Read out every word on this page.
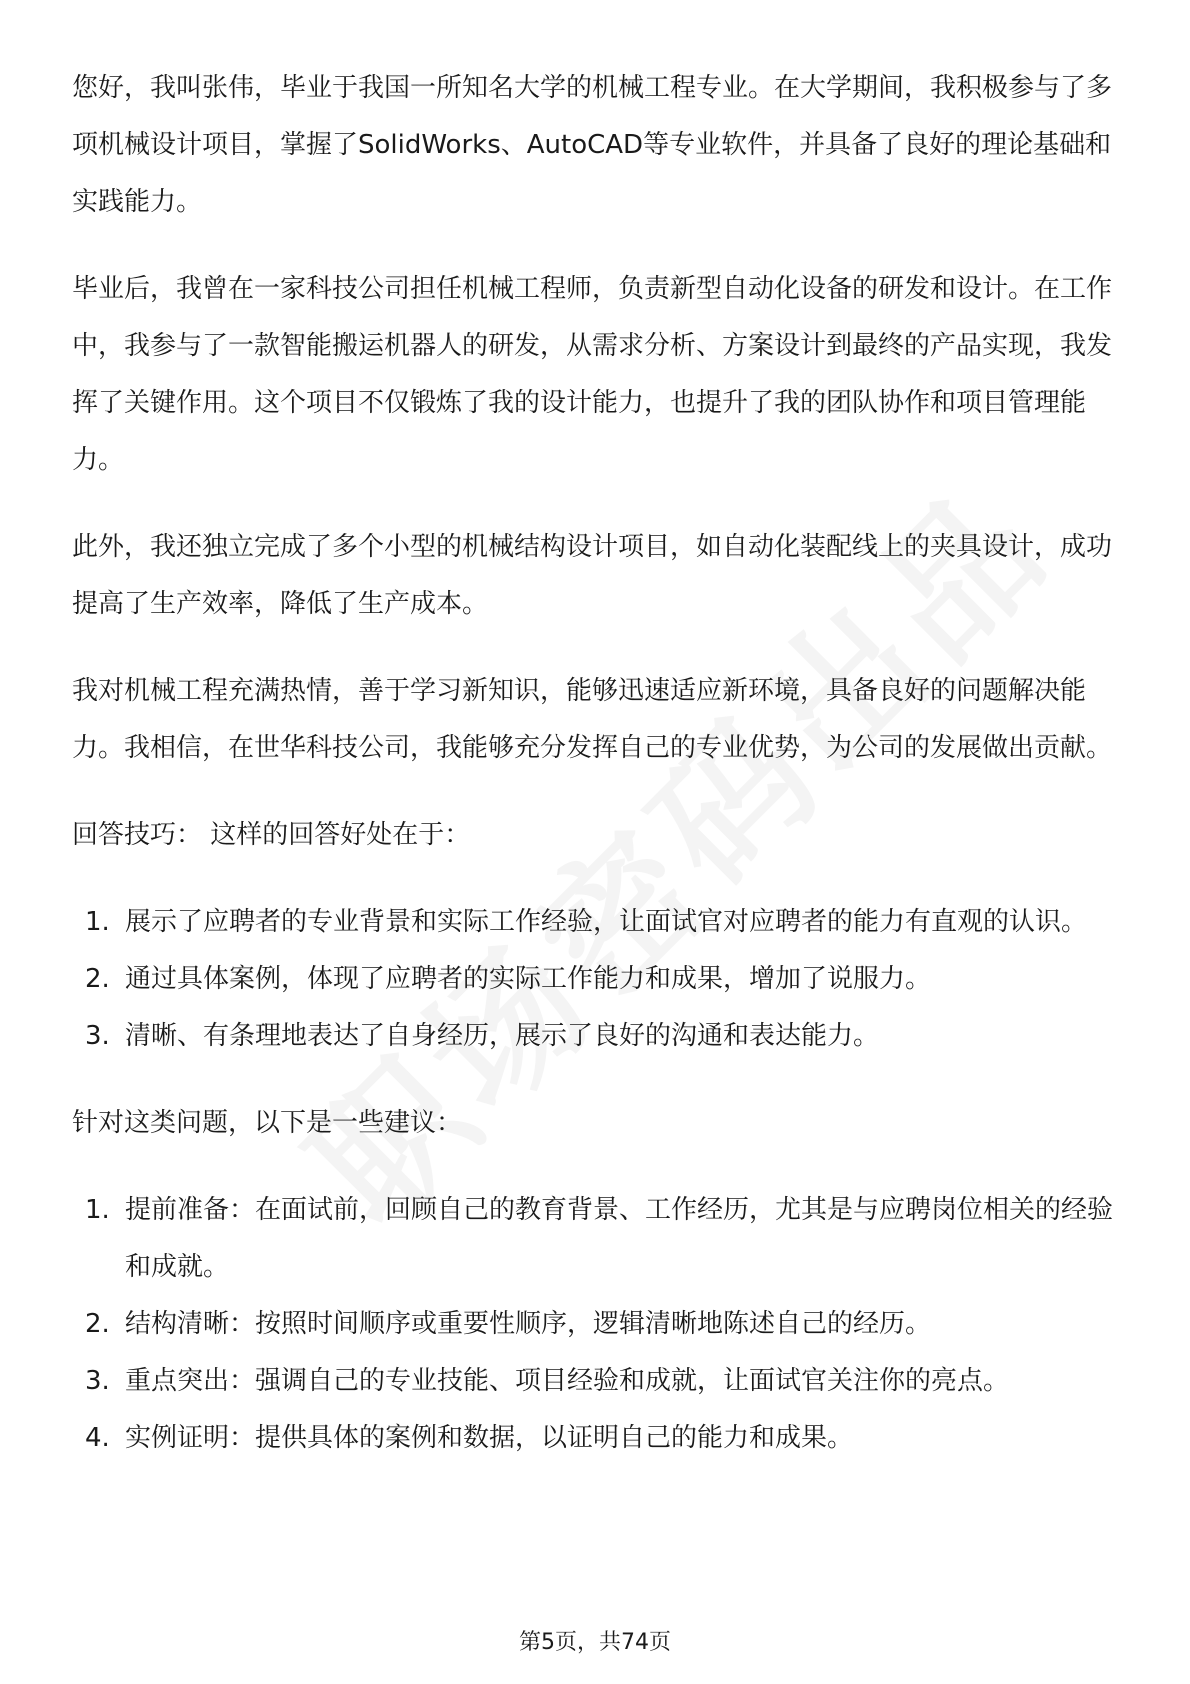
您好，我叫张伟，毕业于我国一所知名大学的机械工程专业。在大学期间，我积极参与了多项机械设计项目，掌握了SolidWorks、AutoCAD等专业软件，并具备了良好的理论基础和实践能力。

毕业后，我曾在一家科技公司担任机械工程师，负责新型自动化设备的研发和设计。在工作中，我参与了一款智能搬运机器人的研发，从需求分析、方案设计到最终的产品实现，我发挥了关键作用。这个项目不仅锻炼了我的设计能力，也提升了我的团队协作和项目管理能力。

此外，我还独立完成了多个小型的机械结构设计项目，如自动化装配线上的夹具设计，成功提高了生产效率，降低了生产成本。

我对机械工程充满热情，善于学习新知识，能够迅速适应新环境，具备良好的问题解决能力。我相信，在世华科技公司，我能够充分发挥自己的专业优势，为公司的发展做出贡献。

回答技巧： 这样的回答好处在于：

1. 展示了应聘者的专业背景和实际工作经验，让面试官对应聘者的能力有直观的认识。
2. 通过具体案例，体现了应聘者的实际工作能力和成果，增加了说服力。
3. 清晰、有条理地表达了自身经历，展示了良好的沟通和表达能力。

针对这类问题，以下是一些建议：

1. 提前准备：在面试前，回顾自己的教育背景、工作经历，尤其是与应聘岗位相关的经验和成就。
2. 结构清晰：按照时间顺序或重要性顺序，逻辑清晰地陈述自己的经历。
3. 重点突出：强调自己的专业技能、项目经验和成就，让面试官关注你的亮点。
4. 实例证明：提供具体的案例和数据，以证明自己的能力和成果。
第5页，共74页
